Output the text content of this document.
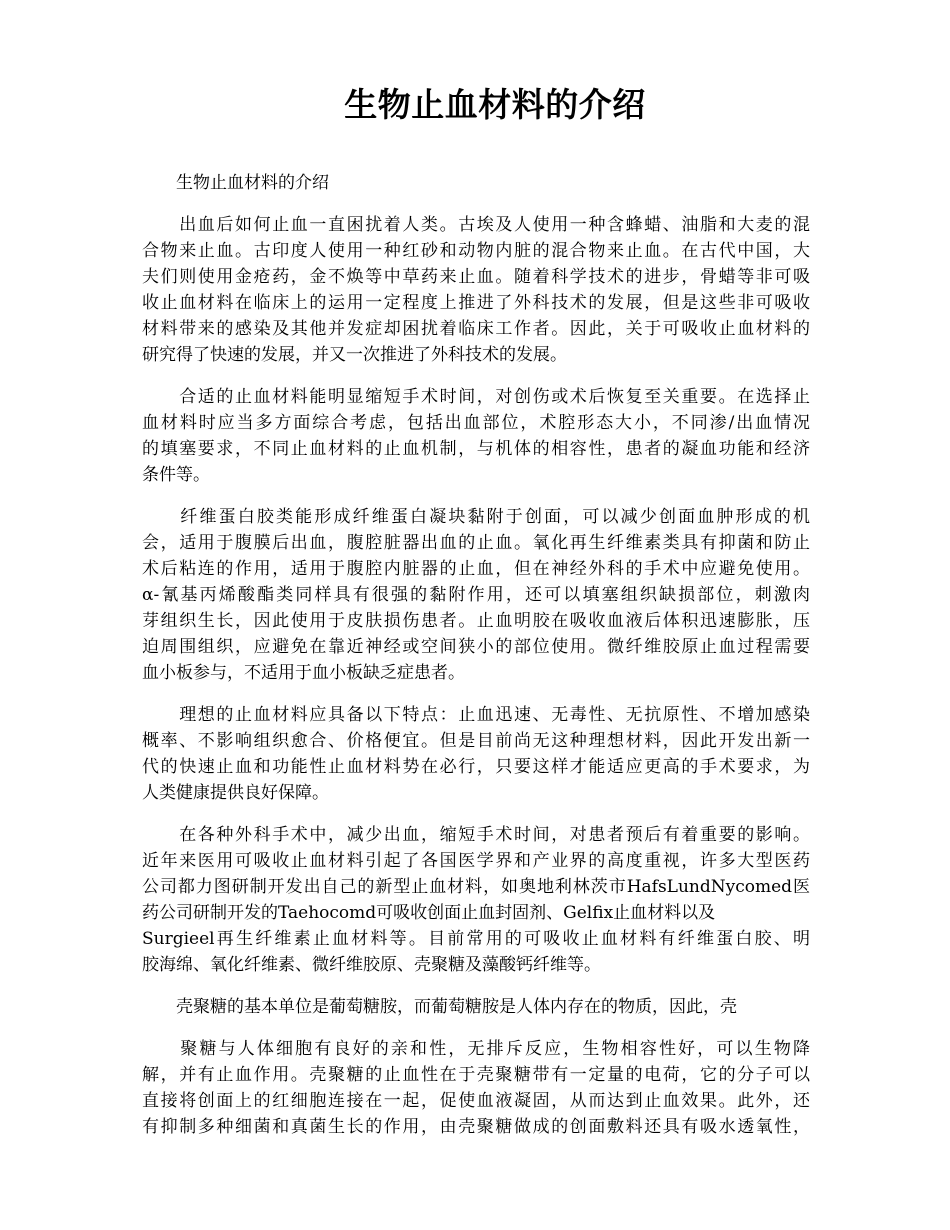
生物止血材料的介绍
　　生物止血材料的介绍
　　出血后如何止血一直困扰着人类。古埃及人使用一种含蜂蜡、油脂和大麦的混
合物来止血。古印度人使用一种红砂和动物内脏的混合物来止血。在古代中国，大
夫们则使用金疮药，金不焕等中草药来止血。随着科学技术的进步，骨蜡等非可吸
收止血材料在临床上的运用一定程度上推进了外科技术的发展，但是这些非可吸收
材料带来的感染及其他并发症却困扰着临床工作者。因此，关于可吸收止血材料的
研究得了快速的发展，并又一次推进了外科技术的发展。
　　合适的止血材料能明显缩短手术时间，对创伤或术后恢复至关重要。在选择止
血材料时应当多方面综合考虑，包括出血部位，术腔形态大小，不同渗/出血情况
的填塞要求，不同止血材料的止血机制，与机体的相容性，患者的凝血功能和经济
条件等。
　　纤维蛋白胶类能形成纤维蛋白凝块黏附于创面，可以减少创面血肿形成的机
会，适用于腹膜后出血，腹腔脏器出血的止血。氧化再生纤维素类具有抑菌和防止
术后粘连的作用，适用于腹腔内脏器的止血，但在神经外科的手术中应避免使用。
α-氰基丙烯酸酯类同样具有很强的黏附作用，还可以填塞组织缺损部位，刺激肉
芽组织生长，因此使用于皮肤损伤患者。止血明胶在吸收血液后体积迅速膨胀，压
迫周围组织，应避免在靠近神经或空间狭小的部位使用。微纤维胶原止血过程需要
血小板参与，不适用于血小板缺乏症患者。
　　理想的止血材料应具备以下特点：止血迅速、无毒性、无抗原性、不增加感染
概率、不影响组织愈合、价格便宜。但是目前尚无这种理想材料，因此开发出新一
代的快速止血和功能性止血材料势在必行，只要这样才能适应更高的手术要求，为
人类健康提供良好保障。
　　在各种外科手术中，减少出血，缩短手术时间，对患者预后有着重要的影响。
近年来医用可吸收止血材料引起了各国医学界和产业界的高度重视，许多大型医药
公司都力图研制开发出自己的新型止血材料，如奥地利林茨市HafsLundNycomed医
药公司研制开发的Taehocomd可吸收创面止血封固剂、Gelfix止血材料以及
Surgieel再生纤维素止血材料等。目前常用的可吸收止血材料有纤维蛋白胶、明
胶海绵、氧化纤维素、微纤维胶原、壳聚糖及藻酸钙纤维等。
　　壳聚糖的基本单位是葡萄糖胺，而葡萄糖胺是人体内存在的物质，因此，壳
　　聚糖与人体细胞有良好的亲和性，无排斥反应，生物相容性好，可以生物降
解，并有止血作用。壳聚糖的止血性在于壳聚糖带有一定量的电荷，它的分子可以
直接将创面上的红细胞连接在一起，促使血液凝固，从而达到止血效果。此外，还
有抑制多种细菌和真菌生长的作用，由壳聚糖做成的创面敷料还具有吸水透氧性，
